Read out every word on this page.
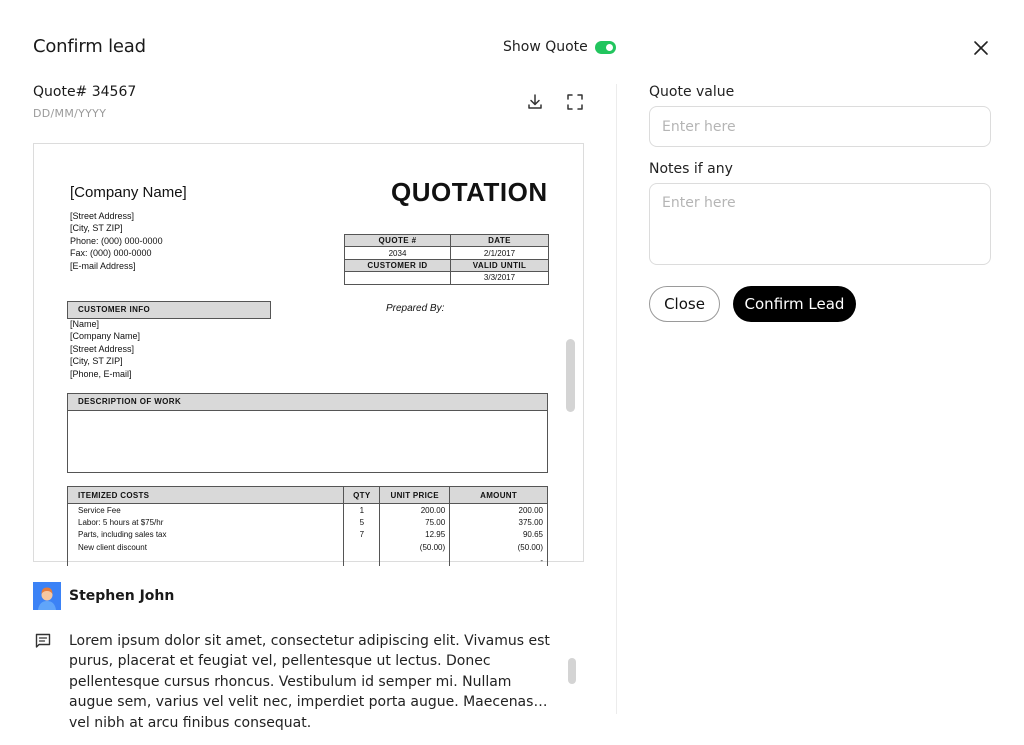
Confirm lead	Show Quote
Quote# 34567
DD/MM/YYYY
[Company Name]	QUOTATION
[Street Address]
[City, ST ZIP]
Phone: (000) 000-0000
Fax: (000) 000-0000
[E-mail Address]
QUOTE #	DATE
2034	2/1/2017
CUSTOMER ID	VALID UNTIL
	3/3/2017
CUSTOMER INFO	Prepared By:
[Name]
[Company Name]
[Street Address]
[City, ST ZIP]
[Phone, E-mail]
DESCRIPTION OF WORK
ITEMIZED COSTS	QTY	UNIT PRICE	AMOUNT
Service Fee	1	200.00	200.00
Labor: 5 hours at $75/hr	5	75.00	375.00
Parts, including sales tax	7	12.95	90.65
New client discount		(50.00)	(50.00)
			-
Stephen John

Lorem ipsum dolor sit amet, consectetur adipiscing elit. Vivamus est purus, placerat et feugiat vel, pellentesque ut lectus. Donec pellentesque cursus rhoncus. Vestibulum id semper mi. Nullam augue sem, varius vel velit nec, imperdiet porta augue. Maecenas vel nibh at arcu finibus consequat.

Quote value
Enter here
Notes if any
Enter here
Close	Confirm Lead
